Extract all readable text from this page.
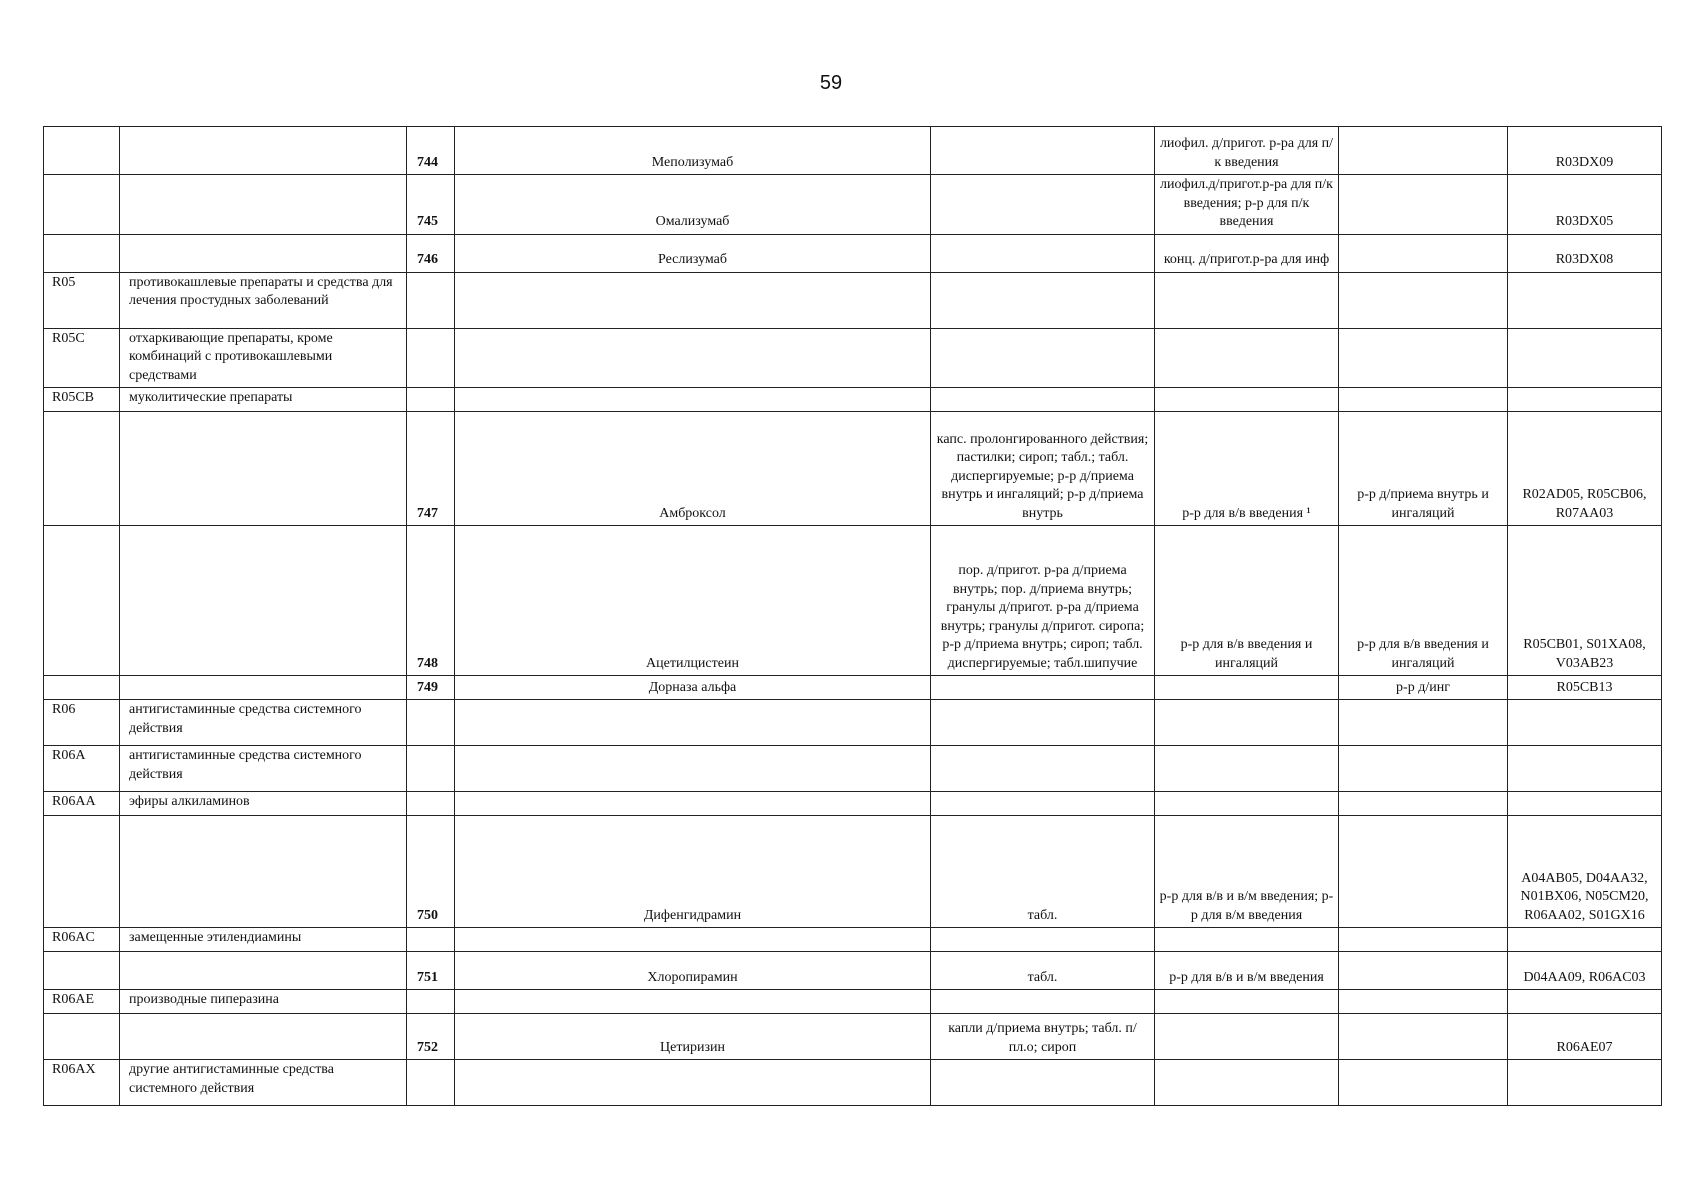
59
		744	Меполизумаб		лиофил. д/пригот. р-ра для п/к введения		R03DX09
		745	Омализумаб		лиофил.д/пригот.р-ра для п/к введения; р-р для п/к введения		R03DX05
		746	Реслизумаб		конц. д/пригот.р-ра для инф		R03DX08
R05	противокашлевые препараты и средства для лечения простудных заболеваний						
R05C	отхаркивающие препараты, кроме комбинаций с противокашлевыми средствами						
R05CB	муколитические препараты						
		747	Амброксол	капс. пролонгированного действия; пастилки; сироп; табл.; табл. диспергируемые; р-р д/приема внутрь и ингаляций; р-р д/приема внутрь	р-р для в/в введения ¹	р-р д/приема внутрь и ингаляций	R02AD05, R05CB06, R07AA03
		748	Ацетилцистеин	пор. д/пригот. р-ра д/приема внутрь; пор. д/приема внутрь; гранулы д/пригот. р-ра д/приема внутрь; гранулы д/пригот. сиропа; р-р д/приема внутрь; сироп; табл. диспергируемые; табл.шипучие	р-р для в/в введения и ингаляций	р-р для в/в введения и ингаляций	R05CB01, S01XA08, V03AB23
		749	Дорназа альфа			р-р д/инг	R05CB13
R06	антигистаминные средства системного действия						
R06A	антигистаминные средства системного действия						
R06AA	эфиры алкиламинов						
		750	Дифенгидрамин	табл.	р-р для в/в и в/м введения; р-р для в/м введения		A04AB05, D04AA32, N01BX06, N05CM20, R06AA02, S01GX16
R06AC	замещенные этилендиамины						
		751	Хлоропирамин	табл.	р-р для в/в и в/м введения		D04AA09, R06AC03
R06AE	производные пиперазина						
		752	Цетиризин	капли д/приема внутрь; табл. п/пл.о; сироп			R06AE07
R06AX	другие антигистаминные средства системного действия						
